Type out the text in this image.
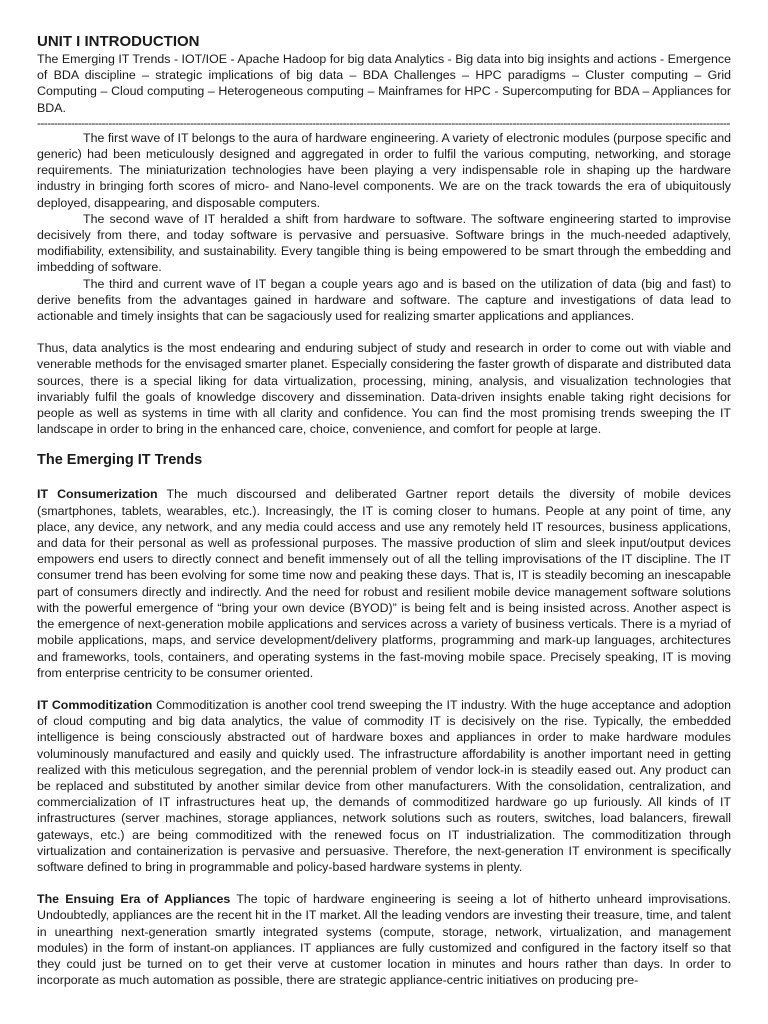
UNIT I INTRODUCTION

The Emerging IT Trends - IOT/IOE - Apache Hadoop for big data Analytics - Big data into big insights and actions - Emergence of BDA discipline – strategic implications of big data – BDA Challenges – HPC paradigms – Cluster computing – Grid Computing – Cloud computing – Heterogeneous computing – Mainframes for HPC - Supercomputing for BDA – Appliances for BDA.

------------------------------------------------------------------------------------------------------------------------------------------------------------------------------------------------------------

The first wave of IT belongs to the aura of hardware engineering. A variety of electronic modules (purpose specific and generic) had been meticulously designed and aggregated in order to fulfil the various computing, networking, and storage requirements. The miniaturization technologies have been playing a very indispensable role in shaping up the hardware industry in bringing forth scores of micro- and Nano-level components. We are on the track towards the era of ubiquitously deployed, disappearing, and disposable computers.

The second wave of IT heralded a shift from hardware to software. The software engineering started to improvise decisively from there, and today software is pervasive and persuasive. Software brings in the much-needed adaptively, modifiability, extensibility, and sustainability. Every tangible thing is being empowered to be smart through the embedding and imbedding of software.

The third and current wave of IT began a couple years ago and is based on the utilization of data (big and fast) to derive benefits from the advantages gained in hardware and software. The capture and investigations of data lead to actionable and timely insights that can be sagaciously used for realizing smarter applications and appliances.

Thus, data analytics is the most endearing and enduring subject of study and research in order to come out with viable and venerable methods for the envisaged smarter planet. Especially considering the faster growth of disparate and distributed data sources, there is a special liking for data virtualization, processing, mining, analysis, and visualization technologies that invariably fulfil the goals of knowledge discovery and dissemination. Data-driven insights enable taking right decisions for people as well as systems in time with all clarity and confidence. You can find the most promising trends sweeping the IT landscape in order to bring in the enhanced care, choice, convenience, and comfort for people at large.

The Emerging IT Trends

IT Consumerization The much discoursed and deliberated Gartner report details the diversity of mobile devices (smartphones, tablets, wearables, etc.). Increasingly, the IT is coming closer to humans. People at any point of time, any place, any device, any network, and any media could access and use any remotely held IT resources, business applications, and data for their personal as well as professional purposes. The massive production of slim and sleek input/output devices empowers end users to directly connect and benefit immensely out of all the telling improvisations of the IT discipline. The IT consumer trend has been evolving for some time now and peaking these days. That is, IT is steadily becoming an inescapable part of consumers directly and indirectly. And the need for robust and resilient mobile device management software solutions with the powerful emergence of “bring your own device (BYOD)” is being felt and is being insisted across. Another aspect is the emergence of next-generation mobile applications and services across a variety of business verticals. There is a myriad of mobile applications, maps, and service development/delivery platforms, programming and mark-up languages, architectures and frameworks, tools, containers, and operating systems in the fast-moving mobile space. Precisely speaking, IT is moving from enterprise centricity to be consumer oriented.

IT Commoditization Commoditization is another cool trend sweeping the IT industry. With the huge acceptance and adoption of cloud computing and big data analytics, the value of commodity IT is decisively on the rise. Typically, the embedded intelligence is being consciously abstracted out of hardware boxes and appliances in order to make hardware modules voluminously manufactured and easily and quickly used. The infrastructure affordability is another important need in getting realized with this meticulous segregation, and the perennial problem of vendor lock-in is steadily eased out. Any product can be replaced and substituted by another similar device from other manufacturers. With the consolidation, centralization, and commercialization of IT infrastructures heat up, the demands of commoditized hardware go up furiously. All kinds of IT infrastructures (server machines, storage appliances, network solutions such as routers, switches, load balancers, firewall gateways, etc.) are being commoditized with the renewed focus on IT industrialization. The commoditization through virtualization and containerization is pervasive and persuasive. Therefore, the next-generation IT environment is specifically software defined to bring in programmable and policy-based hardware systems in plenty.

The Ensuing Era of Appliances The topic of hardware engineering is seeing a lot of hitherto unheard improvisations. Undoubtedly, appliances are the recent hit in the IT market. All the leading vendors are investing their treasure, time, and talent in unearthing next-generation smartly integrated systems (compute, storage, network, virtualization, and management modules) in the form of instant-on appliances. IT appliances are fully customized and configured in the factory itself so that they could just be turned on to get their verve at customer location in minutes and hours rather than days. In order to incorporate as much automation as possible, there are strategic appliance-centric initiatives on producing pre-
